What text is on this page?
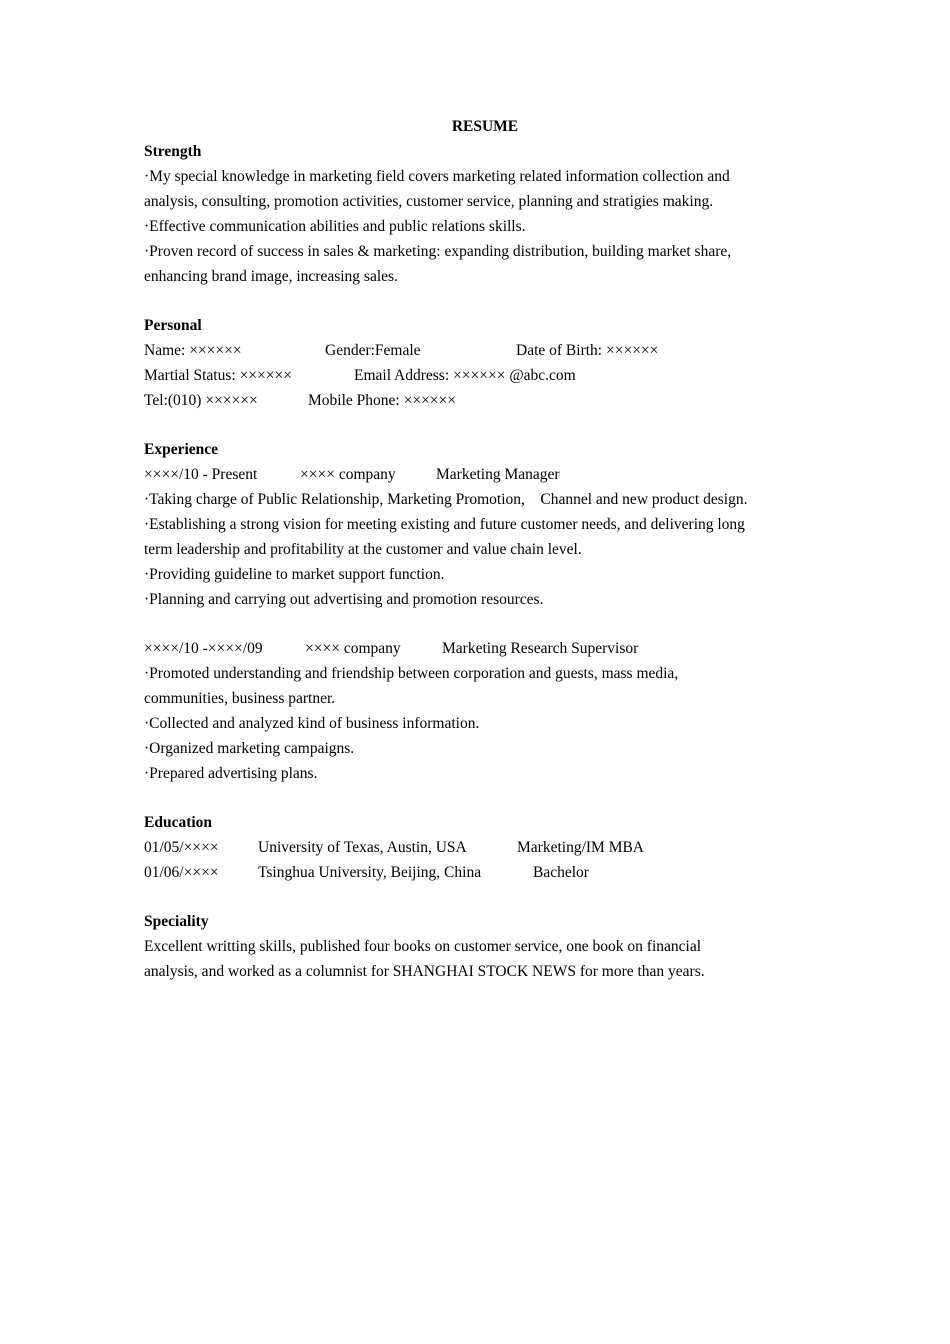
RESUME
Strength
·My special knowledge in marketing field covers marketing related information collection and
analysis, consulting, promotion activities, customer service, planning and stratigies making.
·Effective communication abilities and public relations skills.
·Proven record of success in sales & marketing: expanding distribution, building market share,
enhancing brand image, increasing sales.
Personal
Name: ××××××	Gender:Female	Date of Birth: ××××××
Martial Status: ××××××	Email Address: ×××××× @abc.com
Tel:(010) ××××××	Mobile Phone: ××××××
Experience
××××/10 - Present	×××× company	Marketing Manager
·Taking charge of Public Relationship, Marketing Promotion,    Channel and new product design.
·Establishing a strong vision for meeting existing and future customer needs, and delivering long
term leadership and profitability at the customer and value chain level.
·Providing guideline to market support function.
·Planning and carrying out advertising and promotion resources.
××××/10 -××××/09	×××× company	Marketing Research Supervisor
·Promoted understanding and friendship between corporation and guests, mass media,
communities, business partner.
·Collected and analyzed kind of business information.
·Organized marketing campaigns.
·Prepared advertising plans.
Education
01/05/××××	University of Texas, Austin, USA	Marketing/IM MBA
01/06/××××	Tsinghua University, Beijing, China	Bachelor
Speciality
Excellent writting skills, published four books on customer service, one book on financial
analysis, and worked as a columnist for SHANGHAI STOCK NEWS for more than years.
